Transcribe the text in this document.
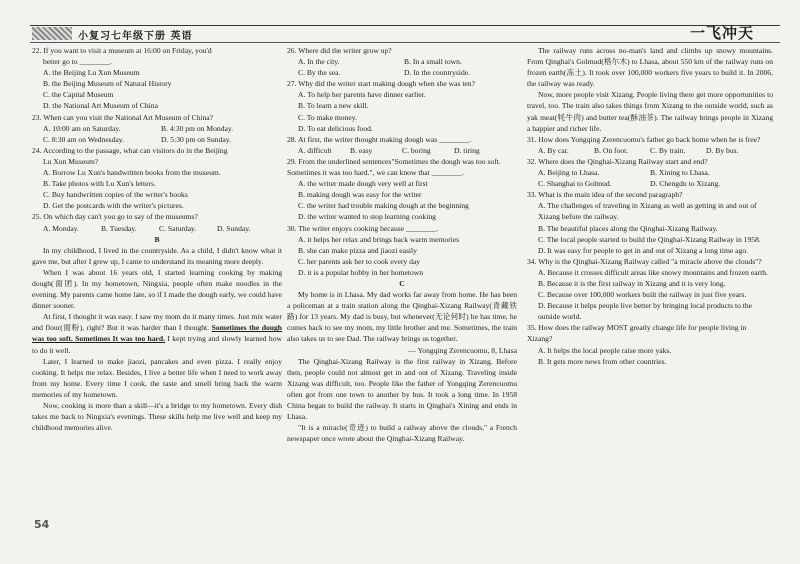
小复习七年级下册 英语	一飞冲天

22. If you want to visit a museum at 16:00 on Friday, you'd

better go to ________.

A. the Beijing Lu Xun Museum

B. the Beijing Museum of Natural History

C. the Capital Museum

D. the National Art Museum of China

23. When can you visit the National Art Museum of China?

A. 10:00 am on Saturday.	B. 4:30 pm on Monday.

C. 8:30 am on Wednesday.	D. 5:30 pm on Sunday.

24. According to the passage, what can visitors do in the Beijing

Lu Xun Museum?

A. Borrow Lu Xun's handwritten books from the museum.

B. Take photos with Lu Xun's letters.

C. Buy handwritten copies of the writer's books

D. Get the postcards with the writer's pictures.

25. On which day can't you go to say of the museums?

A. Monday.	B. Tuesday.	C. Saturday.	D. Sunday.

B

In my childhood, I lived in the countryside. As a child, I didn't know what it gave me, but after I grew up, I came to understand its meaning more deeply.

When I was about 16 years old, I started learning cooking by making dough(面团). In my hometown, Ningxia, people often make noodles in the evening. My parents came home late, so if I made the dough early, we could have dinner sooner.

At first, I thought it was easy. I saw my mom do it many times. Just mix water and flour(面粉), right? But it was harder than I thought. Sometimes the dough was too soft. Sometimes It was too hard. I kept trying and slowly learned how to do it well.

Later, I learned to make jiaozi, pancakes and even pizza. I really enjoy cooking. It helps me relax. Besides, I live a better life when I need to work away from my home. Every time I cook, the taste and smell bring back the warm memories of my hometown.

Now, cooking is more than a skill—it's a bridge to my hometown. Every dish takes me back to Ningxia's evenings. These skills help me live well and keep my childhood memories alive.

26. Where did the writer grow up?

A. In the city.	B. In a small town.

C. By the sea.	D. In the countryside.

27. Why did the writer start making dough when she was ten?

A. To help her parents have dinner earlier.

B. To learn a new skill.

C. To make money.

D. To eat delicious food.

28. At first, the writer thought making dough was ________.

A. difficult B. easy	C. boring	D. tiring

29. From the underlined sentences"Sometimes the dough was too soft. Sometimes it was too hard.", we can know that ________.

A. the writer made dough very well at first

B. making dough was easy for the writer

C. the writer had trouble making dough at the beginning

D. the writer wanted to stop learning cooking

30. The writer enjoys cooking because ________.

A. it helps her relax and brings back warm memories

B. she can make pizza and jiaozi easily

C. her parents ask her to cook every day

D. it is a popular hobby in her hometown

C

My home is in Lhasa. My dad works far away from home. He has been a policeman at a train station along the Qinghai-Xizang Railway(青藏铁路) for 13 years. My dad is busy, but whenever(无论何时) he has time, he comes back to see my mom, my little brother and me. Sometimes, the train also takes us to see Dad. The railway brings us together.

— Yongqing Zerencuomu, 8, Lhasa

The Qinghai-Xizang Railway is the first railway in Xizang. Before then, people could not almost get in and out of Xizang. Traveling inside Xizang was difficult, too. People like the father of Yongqing Zerencuomu often got from one town to another by bus. It took a long time. In 1958 China began to build the railway. It starts in Qinghai's Xining and ends in Lhasa.

"It is a miracle(奇迹) to build a railway above the clouds," a French newspaper once wrote about the Qinghai-Xizang Railway.

The railway runs across no-man's land and climbs up snowy mountains. From Qinghai's Golmud(格尔木) to Lhasa, about 550 km of the railway runs on frozen earth(冻土). It took over 100,000 workers five years to build it. In 2006, the railway was ready.

Now, more people visit Xizang. People living there get more opportunities to travel, too. The train also takes things from Xizang to the outside world, such as yak meat(牦牛肉) and butter tea(酥油茶). The railway brings people in Xizang a happier and richer life.

31. How does Yongqing Zerencuomu's father go back home when he is free?

A. By car.	B. On foot.	C. By train.	D. By bus.

32. Where does the Qinghai-Xizang Railway start and end?

A. Beijing to Lhasa.	B. Xining to Lhasa.

C. Shanghai to Golmud.	D. Chengdu to Xizang.

33. What is the main idea of the second paragraph?

A. The challenges of traveling in Xizang as well as getting in and out of Xizang before the railway.

B. The beautiful places along the Qinghai-Xizang Railway.

C. The local people started to build the Qinghai-Xizang Railway in 1958.

D. It was easy for people to get in and out of Xizang a long time ago.

34. Why is the Qinghai-Xizang Railway called "a miracle above the clouds"?

A. Because it crosses difficult areas like snowy mountains and frozen earth.

B. Because it is the first railway in Xizang and it is very long.

C. Because over 100,000 workers built the railway in just five years.

D. Because it helps people live better by bringing local products to the outside world.

35. How does the railway MOST greatly change life for people living in Xizang?

A. It helps the local people raise more yaks.

B. It gets more news from other countries.

54
